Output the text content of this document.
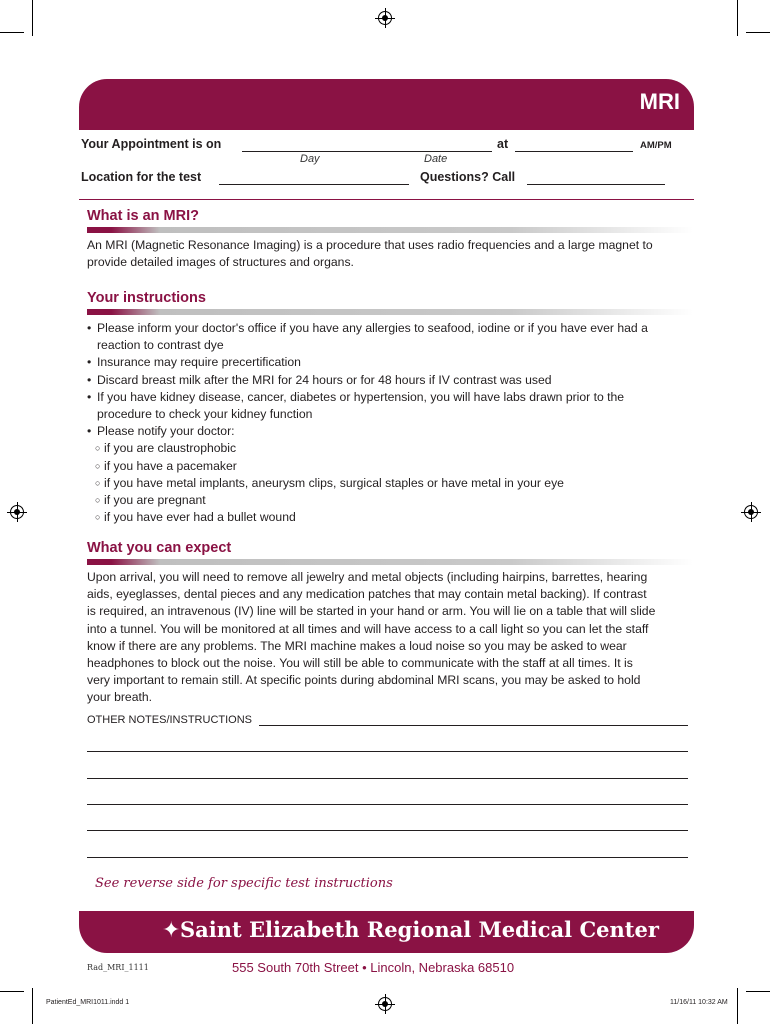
MRI
Your Appointment is on	at	AM/PM
Day	Date
Location for the test	Questions? Call
What is an MRI?
An MRI (Magnetic Resonance Imaging) is a procedure that uses radio frequencies and a large magnet to
provide detailed images of structures and organs.
Your instructions
• Please inform your doctor's office if you have any allergies to seafood, iodine or if you have ever had a
reaction to contrast dye
• Insurance may require precertification
• Discard breast milk after the MRI for 24 hours or for 48 hours if IV contrast was used
• If you have kidney disease, cancer, diabetes or hypertension, you will have labs drawn prior to the
procedure to check your kidney function
• Please notify your doctor:
○ if you are claustrophobic
○ if you have a pacemaker
○ if you have metal implants, aneurysm clips, surgical staples or have metal in your eye
○ if you are pregnant
○ if you have ever had a bullet wound
What you can expect
Upon arrival, you will need to remove all jewelry and metal objects (including hairpins, barrettes, hearing
aids, eyeglasses, dental pieces and any medication patches that may contain metal backing). If contrast
is required, an intravenous (IV) line will be started in your hand or arm. You will lie on a table that will slide
into a tunnel. You will be monitored at all times and will have access to a call light so you can let the staff
know if there are any problems. The MRI machine makes a loud noise so you may be asked to wear
headphones to block out the noise. You will still be able to communicate with the staff at all times. It is
very important to remain still. At specific points during abdominal MRI scans, you may be asked to hold
your breath.
OTHER NOTES/INSTRUCTIONS
See reverse side for specific test instructions
✦ Saint Elizabeth Regional Medical Center
Rad_MRI_1111	555 South 70th Street • Lincoln, Nebraska 68510
PatientEd_MRI1011.indd 1	11/16/11 10:32 AM
